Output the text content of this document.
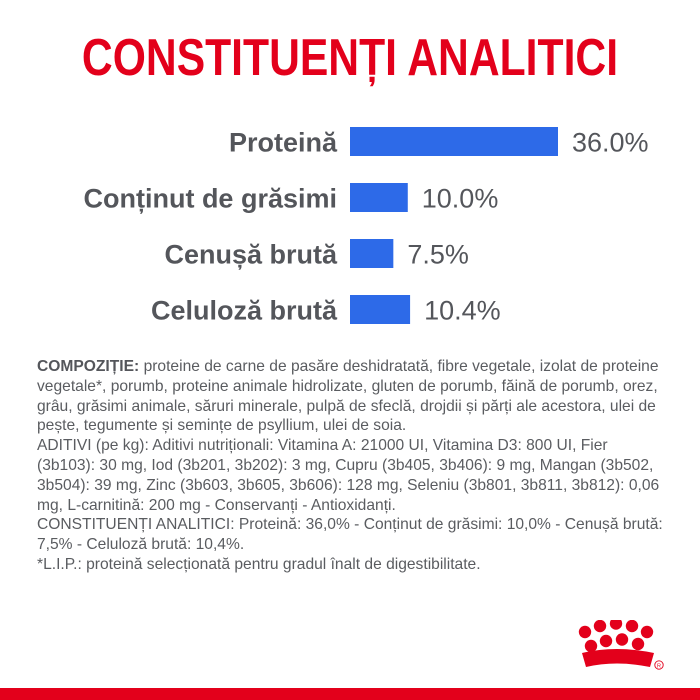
CONSTITUENȚI ANALITICI
Proteină	36.0%
Conținut de grăsimi	10.0%
Cenușă brută	7.5%
Celuloză brută	10.4%

COMPOZIȚIE: proteine de carne de pasăre deshidratată, fibre vegetale, izolat de proteine vegetale*, porumb, proteine animale hidrolizate, gluten de porumb, făină de porumb, orez, grâu, grăsimi animale, săruri minerale, pulpă de sfeclă, drojdii și părți ale acestora, ulei de pește, tegumente și semințe de psyllium, ulei de soia.

ADITIVI (pe kg): Aditivi nutriționali: Vitamina A: 21000 UI, Vitamina D3: 800 UI, Fier (3b103): 30 mg, Iod (3b201, 3b202): 3 mg, Cupru (3b405, 3b406): 9 mg, Mangan (3b502, 3b504): 39 mg, Zinc (3b603, 3b605, 3b606): 128 mg, Seleniu (3b801, 3b811, 3b812): 0,06 mg, L-carnitină: 200 mg - Conservanți - Antioxidanți.

CONSTITUENȚI ANALITICI: Proteină: 36,0% - Conținut de grăsimi: 10,0% - Cenușă brută: 7,5% - Celuloză brută: 10,4%.

*L.I.P.: proteină selecționată pentru gradul înalt de digestibilitate.

R
